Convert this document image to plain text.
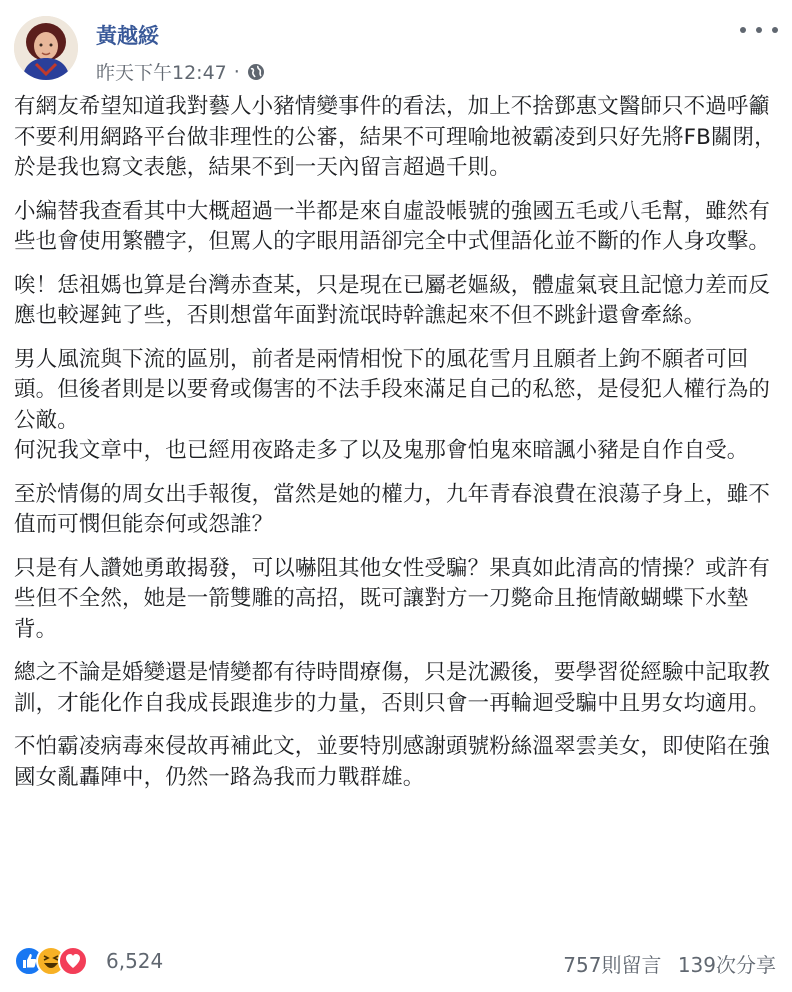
黃越綏
昨天下午12:47 ·

有網友希望知道我對藝人小豬情變事件的看法，加上不捨鄧惠文醫師只不過呼籲不要利用網路平台做非理性的公審，結果不可理喻地被霸凌到只好先將FB關閉，於是我也寫文表態，結果不到一天內留言超過千則。

小編替我查看其中大概超過一半都是來自虛設帳號的強國五毛或八毛幫，雖然有些也會使用繁體字，但罵人的字眼用語卻完全中式俚語化並不斷的作人身攻擊。

唉！恁祖媽也算是台灣赤查某，只是現在已屬老嫗級，體虛氣衰且記憶力差而反應也較遲鈍了些，否則想當年面對流氓時幹譙起來不但不跳針還會牽絲。

男人風流與下流的區別，前者是兩情相悅下的風花雪月且願者上鉤不願者可回頭。但後者則是以要脅或傷害的不法手段來滿足自己的私慾，是侵犯人權行為的公敵。

何況我文章中，也已經用夜路走多了以及鬼那會怕鬼來暗諷小豬是自作自受。

至於情傷的周女出手報復，當然是她的權力，九年青春浪費在浪蕩子身上，雖不值而可憫但能奈何或怨誰？

只是有人讚她勇敢揭發，可以嚇阻其他女性受騙？果真如此清高的情操？或許有些但不全然，她是一箭雙雕的高招，既可讓對方一刀斃命且拖情敵蝴蝶下水墊背。

總之不論是婚變還是情變都有待時間療傷，只是沈澱後，要學習從經驗中記取教訓，才能化作自我成長跟進步的力量，否則只會一再輪迴受騙中且男女均適用。

不怕霸凌病毒來侵故再補此文，並要特別感謝頭號粉絲溫翠雲美女，即使陷在強國女亂轟陣中，仍然一路為我而力戰群雄。

6,524	757則留言 139次分享
